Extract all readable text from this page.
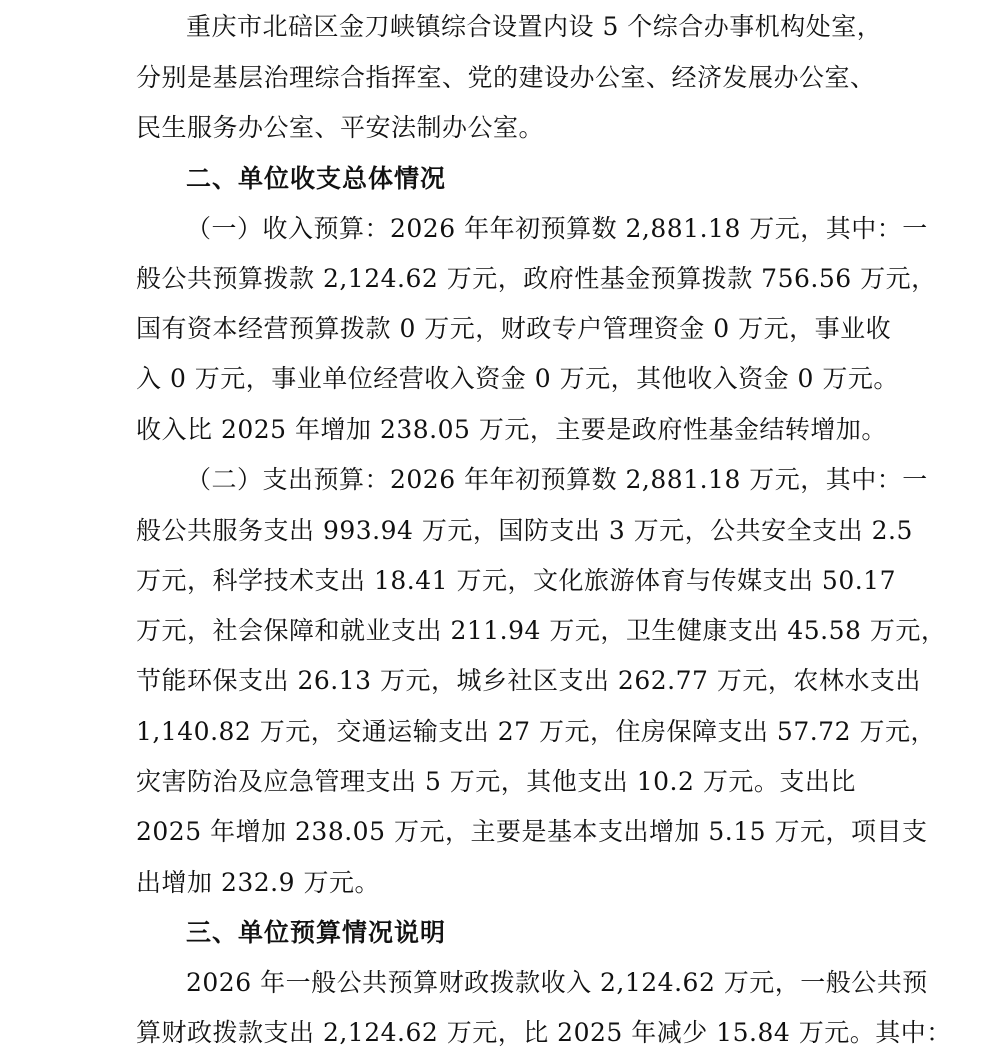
重庆市北碚区金刀峡镇综合设置内设 5 个综合办事机构处室，
分别是基层治理综合指挥室、党的建设办公室、经济发展办公室、
民生服务办公室、平安法制办公室。
二、单位收支总体情况
（一）收入预算：2026 年年初预算数 2,881.18 万元，其中：一
般公共预算拨款 2,124.62 万元，政府性基金预算拨款 756.56 万元，
国有资本经营预算拨款 0 万元，财政专户管理资金 0 万元，事业收
入 0 万元，事业单位经营收入资金 0 万元，其他收入资金 0 万元。
收入比 2025 年增加 238.05 万元，主要是政府性基金结转增加。
（二）支出预算：2026 年年初预算数 2,881.18 万元，其中：一
般公共服务支出 993.94 万元，国防支出 3 万元，公共安全支出 2.5
万元，科学技术支出 18.41 万元，文化旅游体育与传媒支出 50.17
万元，社会保障和就业支出 211.94 万元，卫生健康支出 45.58 万元，
节能环保支出 26.13 万元，城乡社区支出 262.77 万元，农林水支出
1,140.82 万元，交通运输支出 27 万元，住房保障支出 57.72 万元，
灾害防治及应急管理支出 5 万元，其他支出 10.2 万元。支出比
2025 年增加 238.05 万元，主要是基本支出增加 5.15 万元，项目支
出增加 232.9 万元。
三、单位预算情况说明
2026 年一般公共预算财政拨款收入 2,124.62 万元，一般公共预
算财政拨款支出 2,124.62 万元，比 2025 年减少 15.84 万元。其中：
